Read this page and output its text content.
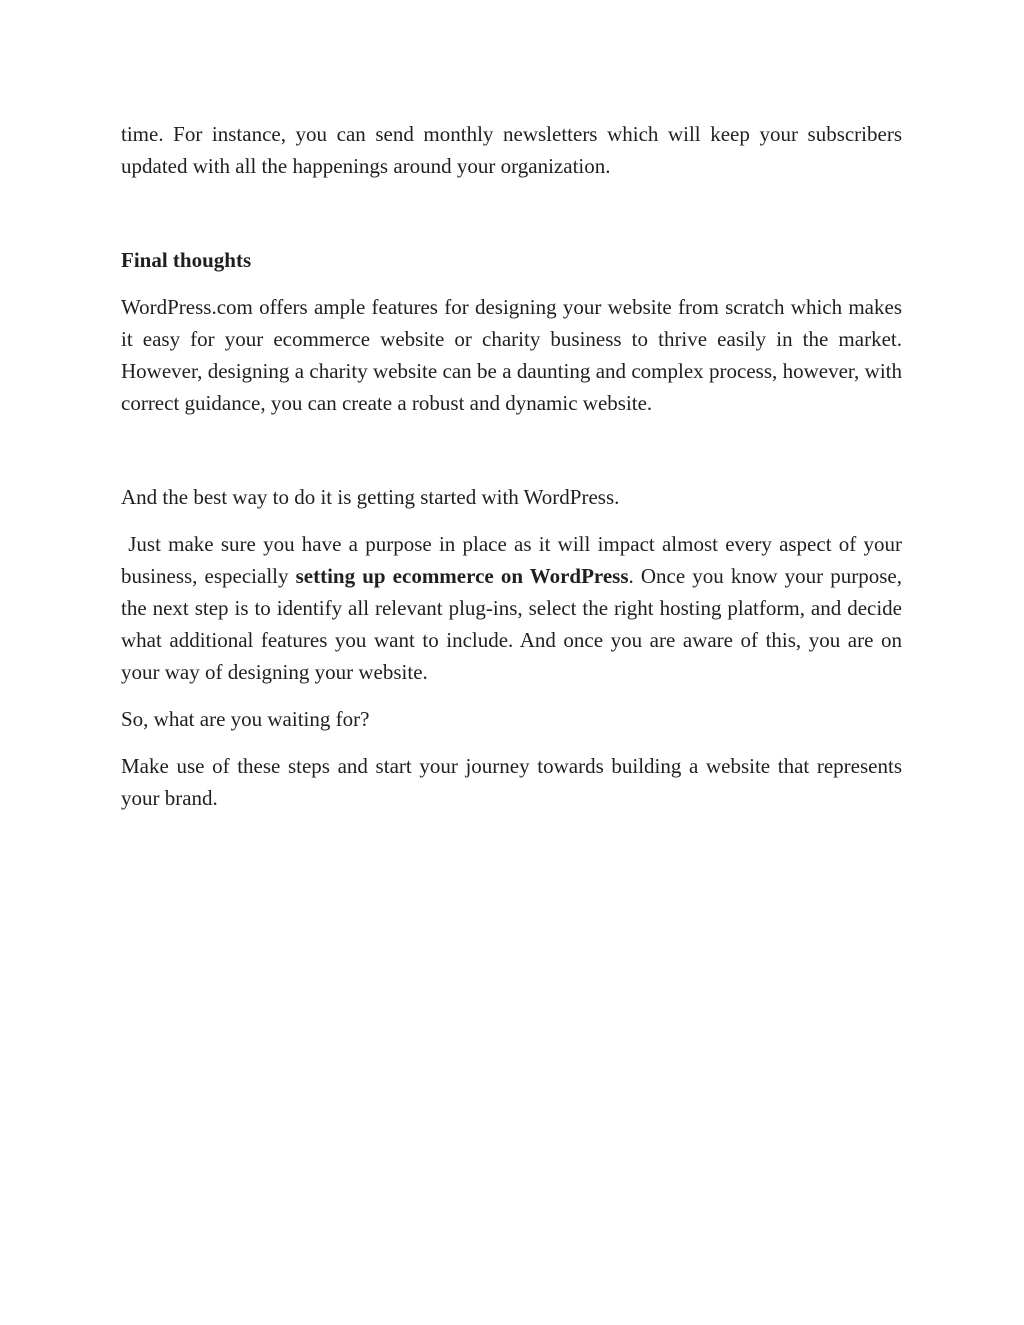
time. For instance, you can send monthly newsletters which will keep your subscribers updated with all the happenings around your organization.

Final thoughts

WordPress.com offers ample features for designing your website from scratch which makes it easy for your ecommerce website or charity business to thrive easily in the market. However, designing a charity website can be a daunting and complex process, however, with correct guidance, you can create a robust and dynamic website.

And the best way to do it is getting started with WordPress.

Just make sure you have a purpose in place as it will impact almost every aspect of your business, especially setting up ecommerce on WordPress. Once you know your purpose, the next step is to identify all relevant plug-ins, select the right hosting platform, and decide what additional features you want to include. And once you are aware of this, you are on your way of designing your website.

So, what are you waiting for?

Make use of these steps and start your journey towards building a website that represents your brand.
